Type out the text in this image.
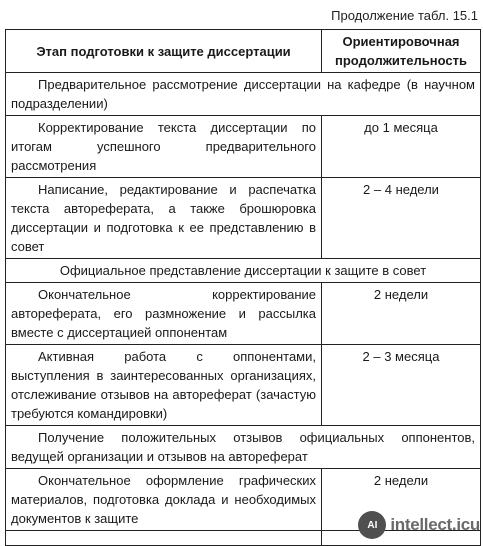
Продолжение табл. 15.1
Этап подготовки к защите диссертации	Ориентировочная продолжительность
Предварительное рассмотрение диссертации на кафедре (в научном подразделении)	
Корректирование текста диссертации по итогам успешного предварительного рассмотрения	до 1 месяца
Написание, редактирование и распечатка текста автореферата, а также брошюровка диссертации и подготовка к ее представлению в совет	2 – 4 недели
Официальное представление диссертации к защите в совет	
Окончательное корректирование автореферата, его размножение и рассылка вместе с диссертацией оппонентам	2 недели
Активная работа с оппонентами, выступления в заинтересованных организациях, отслеживание отзывов на автореферат (зачастую требуются командировки)	2 – 3 месяца
Получение положительных отзывов официальных оппонентов, ведущей организации и отзывов на автореферат	
Окончательное оформление графических материалов, подготовка доклада и необходимых документов к защите	2 недели

AI intellect.icu
